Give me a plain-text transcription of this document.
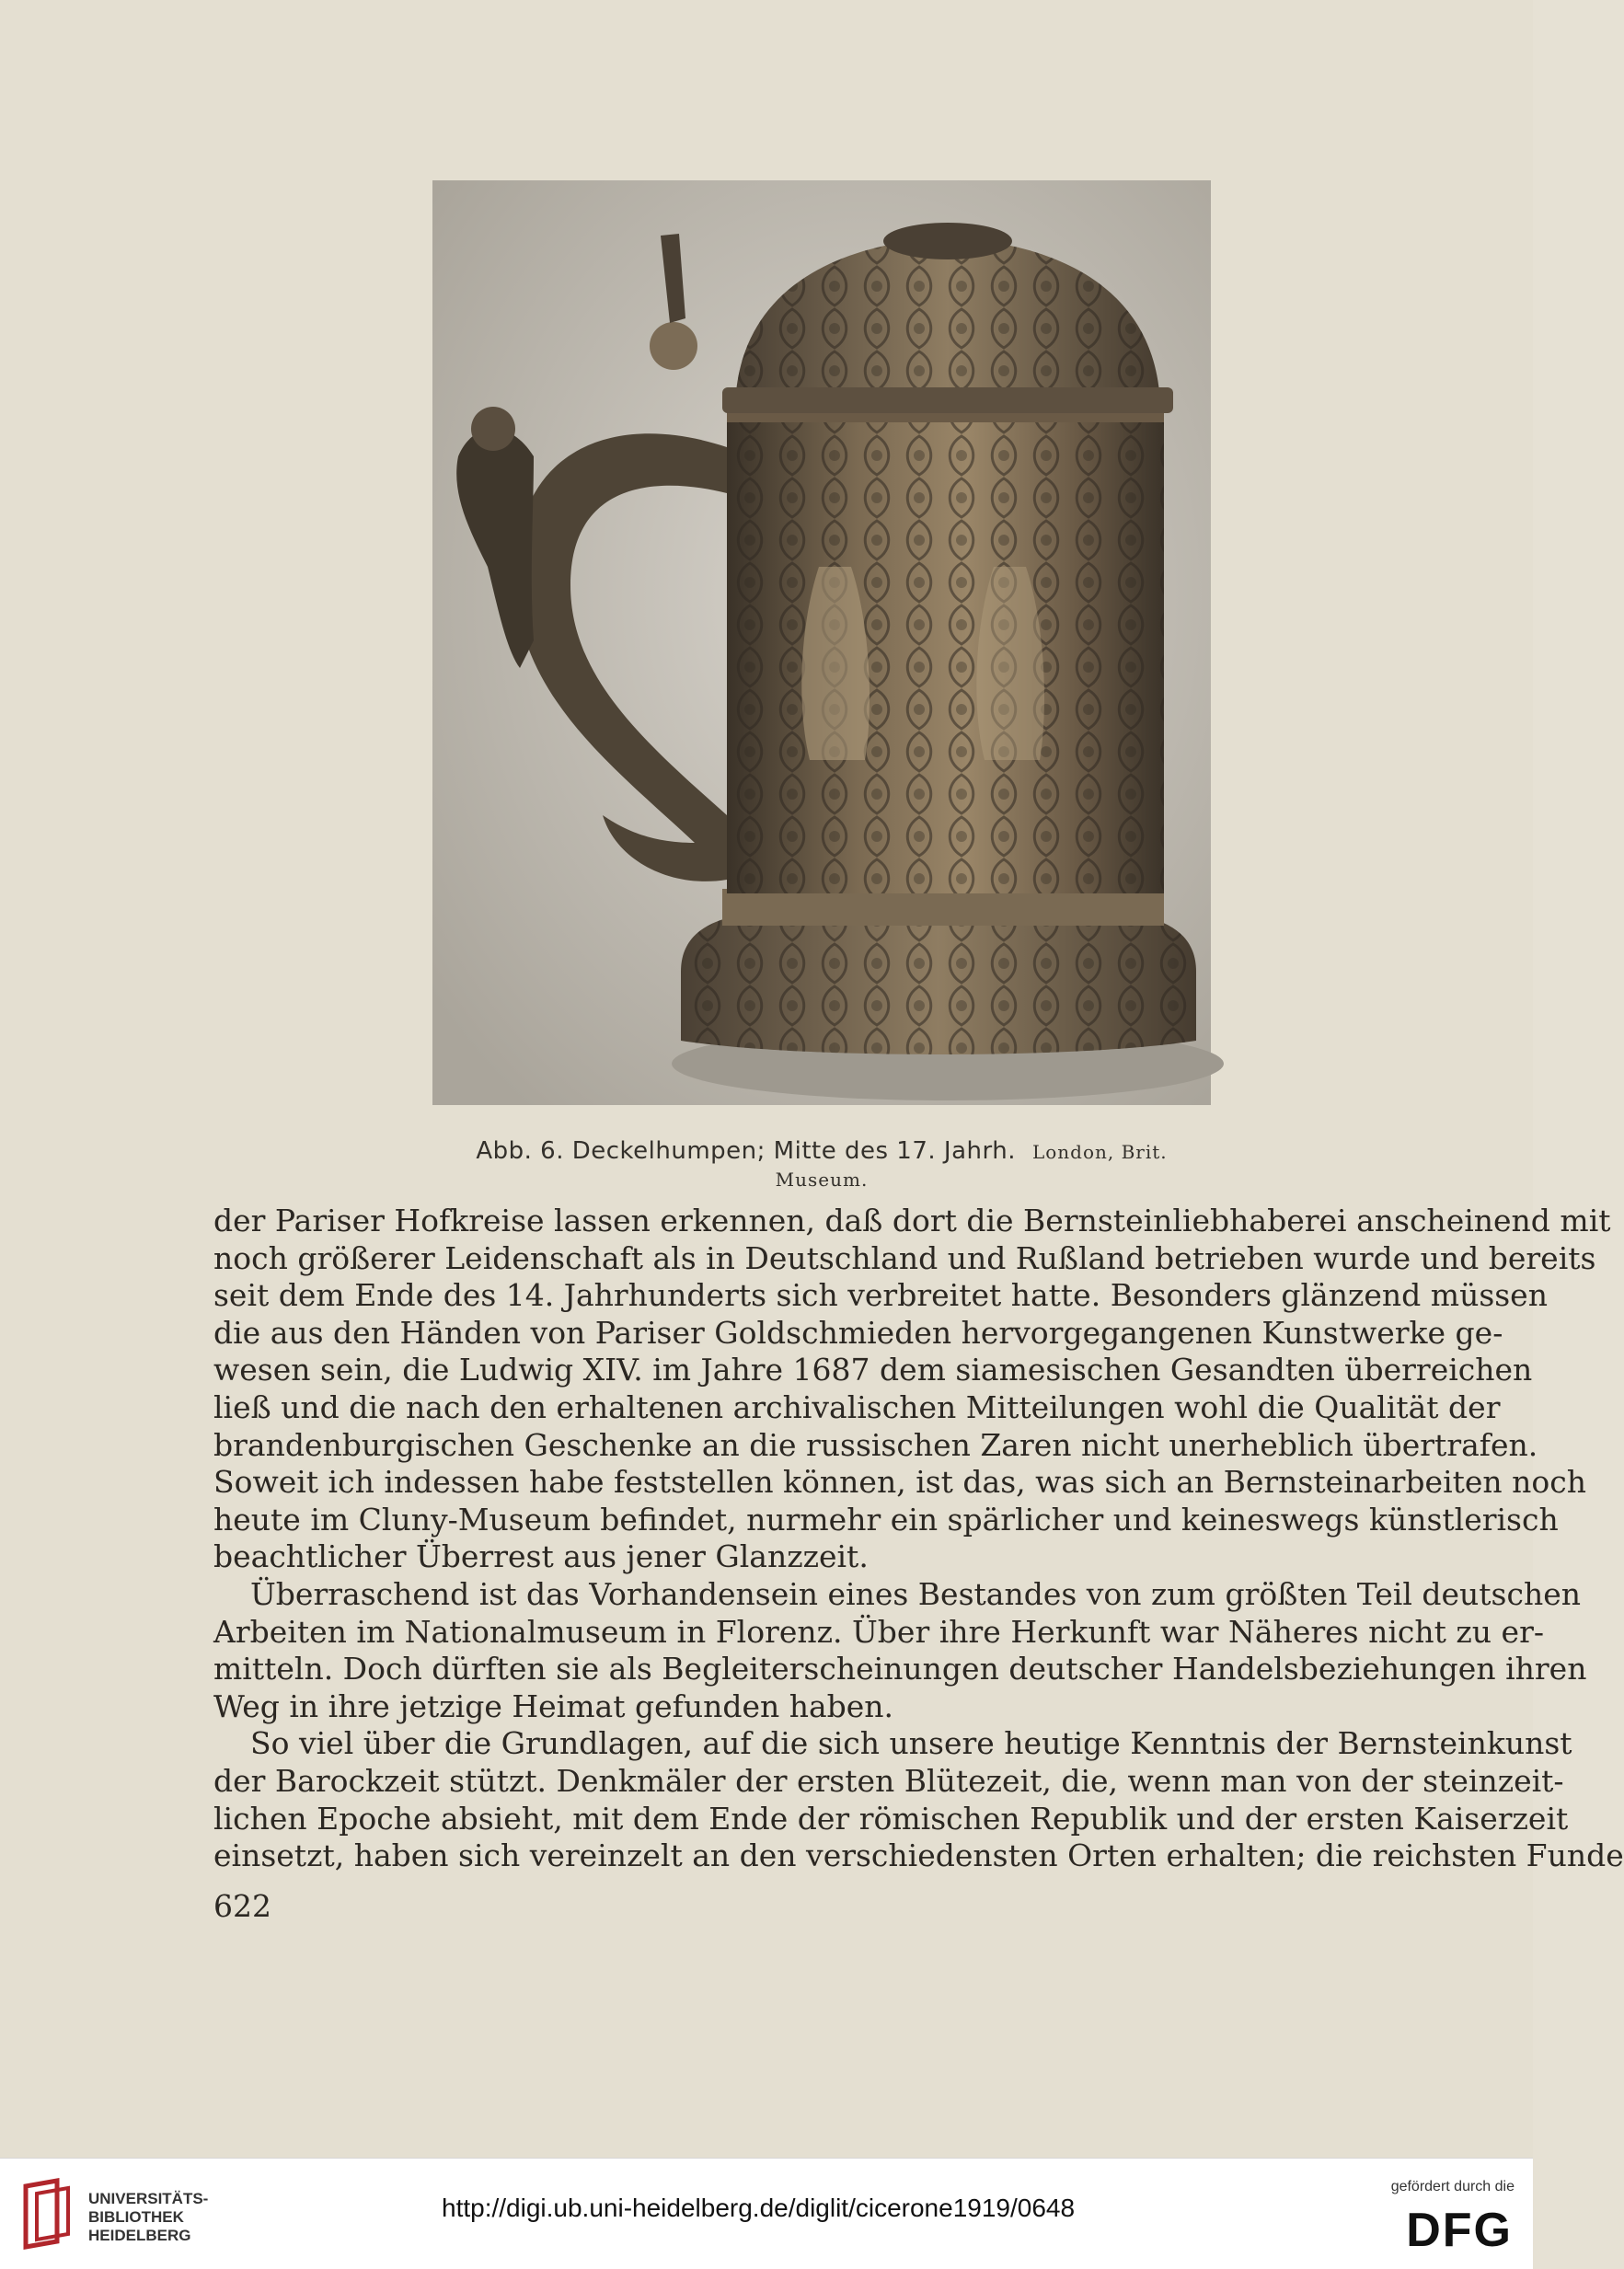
Abb. 6. Deckelhumpen; Mitte des 17. Jahrh. London, Brit. Museum.

der Pariser Hofkreise lassen erkennen, daß dort die Bernsteinliebhaberei anscheinend mit
noch größerer Leidenschaft als in Deutschland und Rußland betrieben wurde und bereits
seit dem Ende des 14. Jahrhunderts sich verbreitet hatte. Besonders glänzend müssen
die aus den Händen von Pariser Goldschmieden hervorgegangenen Kunstwerke ge-
wesen sein, die Ludwig XIV. im Jahre 1687 dem siamesischen Gesandten überreichen
ließ und die nach den erhaltenen archivalischen Mitteilungen wohl die Qualität der
brandenburgischen Geschenke an die russischen Zaren nicht unerheblich übertrafen.
Soweit ich indessen habe feststellen können, ist das, was sich an Bernsteinarbeiten noch
heute im Cluny-Museum befindet, nurmehr ein spärlicher und keineswegs künstlerisch
beachtlicher Überrest aus jener Glanzzeit.

Überraschend ist das Vorhandensein eines Bestandes von zum größten Teil deutschen
Arbeiten im Nationalmuseum in Florenz. Über ihre Herkunft war Näheres nicht zu er-
mitteln. Doch dürften sie als Begleiterscheinungen deutscher Handelsbeziehungen ihren
Weg in ihre jetzige Heimat gefunden haben.

So viel über die Grundlagen, auf die sich unsere heutige Kenntnis der Bernsteinkunst
der Barockzeit stützt. Denkmäler der ersten Blütezeit, die, wenn man von der steinzeit-
lichen Epoche absieht, mit dem Ende der römischen Republik und der ersten Kaiserzeit
einsetzt, haben sich vereinzelt an den verschiedensten Orten erhalten; die reichsten Funde

622
UNIVERSITÄTS-
BIBLIOTHEK
HEIDELBERG
http://digi.ub.uni-heidelberg.de/diglit/cicerone1919/0648
gefördert durch die
DFG
